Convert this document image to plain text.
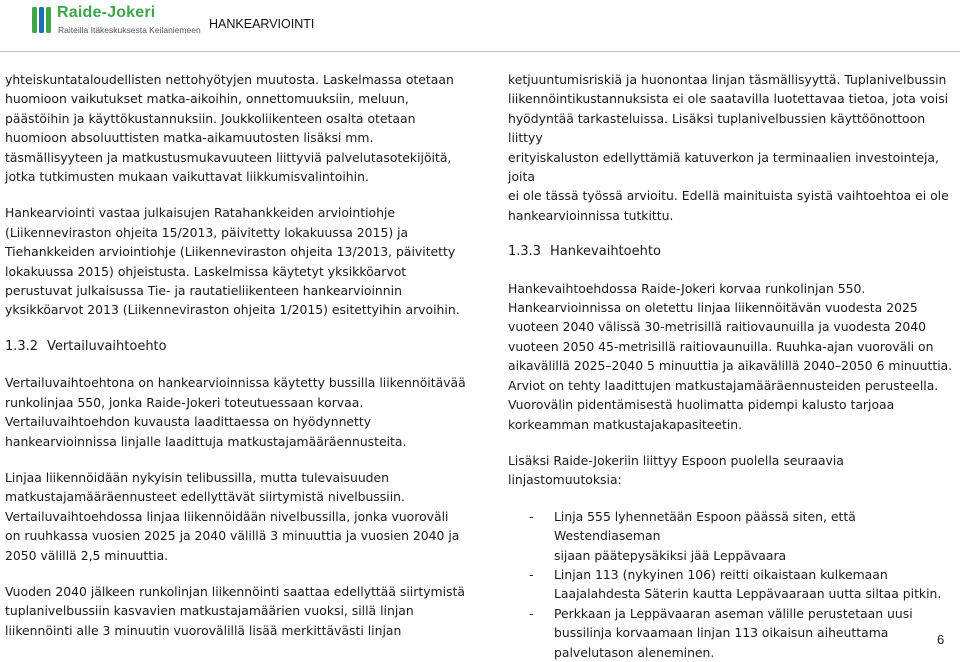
Raide-Jokeri
Raiteilla Itäkeskuksesta Keilaniemeen HANKEARVIOINTI

yhteiskuntataloudellisten nettohyötyjen muutosta. Laskelmassa otetaan
huomioon vaikutukset matka-aikoihin, onnettomuuksiin, meluun,
päästöihin ja käyttökustannuksiin. Joukkoliikenteen osalta otetaan
huomioon absoluuttisten matka-aikamuutosten lisäksi mm.
täsmällisyyteen ja matkustusmukavuuteen liittyviä palvelutasotekijöitä,
jotka tutkimusten mukaan vaikuttavat liikkumisvalintoihin.

Hankearviointi vastaa julkaisujen Ratahankkeiden arviointiohje
(Liikenneviraston ohjeita 15/2013, päivitetty lokakuussa 2015) ja
Tiehankkeiden arviointiohje (Liikenneviraston ohjeita 13/2013, päivitetty
lokakuussa 2015) ohjeistusta. Laskelmissa käytetyt yksikköarvot
perustuvat julkaisussa Tie- ja rautatieliikenteen hankearvioinnin
yksikköarvot 2013 (Liikenneviraston ohjeita 1/2015) esitettyihin arvoihin.

1.3.2 Vertailuvaihtoehto

Vertailuvaihtoehtona on hankearvioinnissa käytetty bussilla liikennöitävää
runkolinjaa 550, jonka Raide-Jokeri toteutuessaan korvaa.
Vertailuvaihtoehdon kuvausta laadittaessa on hyödynnetty
hankearvioinnissa linjalle laadittuja matkustajamääräennusteita.

Linjaa liikennöidään nykyisin telibussilla, mutta tulevaisuuden
matkustajamääräennusteet edellyttävät siirtymistä nivelbussiin.
Vertailuvaihtoehdossa linjaa liikennöidään nivelbussilla, jonka vuoroväli
on ruuhkassa vuosien 2025 ja 2040 välillä 3 minuuttia ja vuosien 2040 ja
2050 välillä 2,5 minuuttia.

Vuoden 2040 jälkeen runkolinjan liikennöinti saattaa edellyttää siirtymistä
tuplanivelbussiin kasvavien matkustajamäärien vuoksi, sillä linjan
liikennöinti alle 3 minuutin vuorovälillä lisää merkittävästi linjan

ketjuuntumisriskiä ja huonontaa linjan täsmällisyyttä. Tuplanivelbussin
liikennöintikustannuksista ei ole saatavilla luotettavaa tietoa, jota voisi
hyödyntää tarkasteluissa. Lisäksi tuplanivelbussien käyttöönottoon liittyy
erityiskaluston edellyttämiä katuverkon ja terminaalien investointeja, joita
ei ole tässä työssä arvioitu. Edellä mainituista syistä vaihtoehtoa ei ole
hankearvioinnissa tutkittu.

1.3.3 Hankevaihtoehto

Hankevaihtoehdossa Raide-Jokeri korvaa runkolinjan 550.
Hankearvioinnissa on oletettu linjaa liikennöitävän vuodesta 2025
vuoteen 2040 välissä 30-metrisillä raitiovaunuilla ja vuodesta 2040
vuoteen 2050 45-metrisillä raitiovaunuilla. Ruuhka-ajan vuoroväli on
aikavälillä 2025–2040 5 minuuttia ja aikavälillä 2040–2050 6 minuuttia.
Arviot on tehty laadittujen matkustajamääräennusteiden perusteella.
Vuorovälin pidentämisestä huolimatta pidempi kalusto tarjoaa
korkeamman matkustajakapasiteetin.

Lisäksi Raide-Jokeriin liittyy Espoon puolella seuraavia linjastomuutoksia:

- Linja 555 lyhennetään Espoon päässä siten, että Westendiaseman
sijaan päätepysäkiksi jää Leppävaara
- Linjan 113 (nykyinen 106) reitti oikaistaan kulkemaan
Laajalahdesta Säterin kautta Leppävaaraan uutta siltaa pitkin.
- Perkkaan ja Leppävaaran aseman välille perustetaan uusi
bussilinja korvaamaan linjan 113 oikaisun aiheuttama
palvelutason aleneminen.
6
